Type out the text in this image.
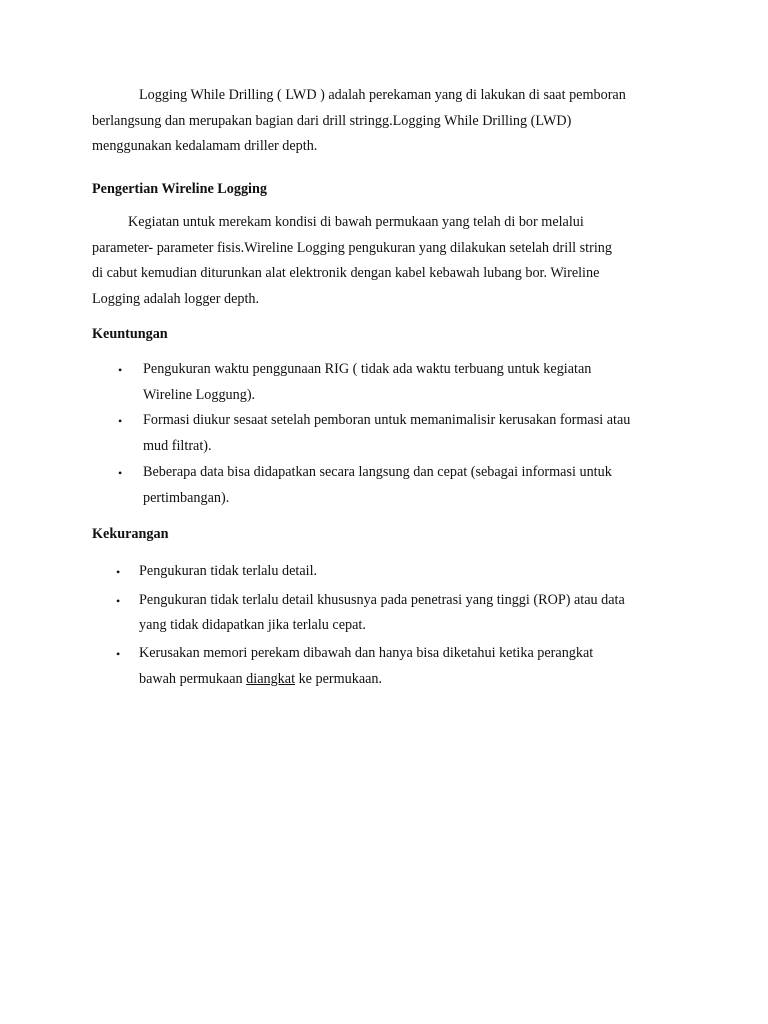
Logging While Drilling ( LWD ) adalah perekaman yang di lakukan di saat pemboran
berlangsung dan merupakan bagian dari drill stringg.Logging While Drilling (LWD)
menggunakan kedalamam driller depth.
Pengertian Wireline Logging
Kegiatan untuk merekam kondisi di bawah permukaan yang telah di bor melalui
parameter- parameter fisis.Wireline Logging pengukuran yang dilakukan setelah drill string
di cabut kemudian diturunkan alat elektronik dengan kabel kebawah lubang bor. Wireline
Logging adalah logger depth.
Keuntungan
• Pengukuran waktu penggunaan RIG ( tidak ada waktu terbuang untuk kegiatan
Wireline Loggung).
• Formasi diukur sesaat setelah pemboran untuk memanimalisir kerusakan formasi atau
mud filtrat).
• Beberapa data bisa didapatkan secara langsung dan cepat (sebagai informasi untuk
pertimbangan).
Kekurangan
• Pengukuran tidak terlalu detail.
• Pengukuran tidak terlalu detail khususnya pada penetrasi yang tinggi (ROP) atau data
yang tidak didapatkan jika terlalu cepat.
• Kerusakan memori perekam dibawah dan hanya bisa diketahui ketika perangkat
bawah permukaan diangkat ke permukaan.
